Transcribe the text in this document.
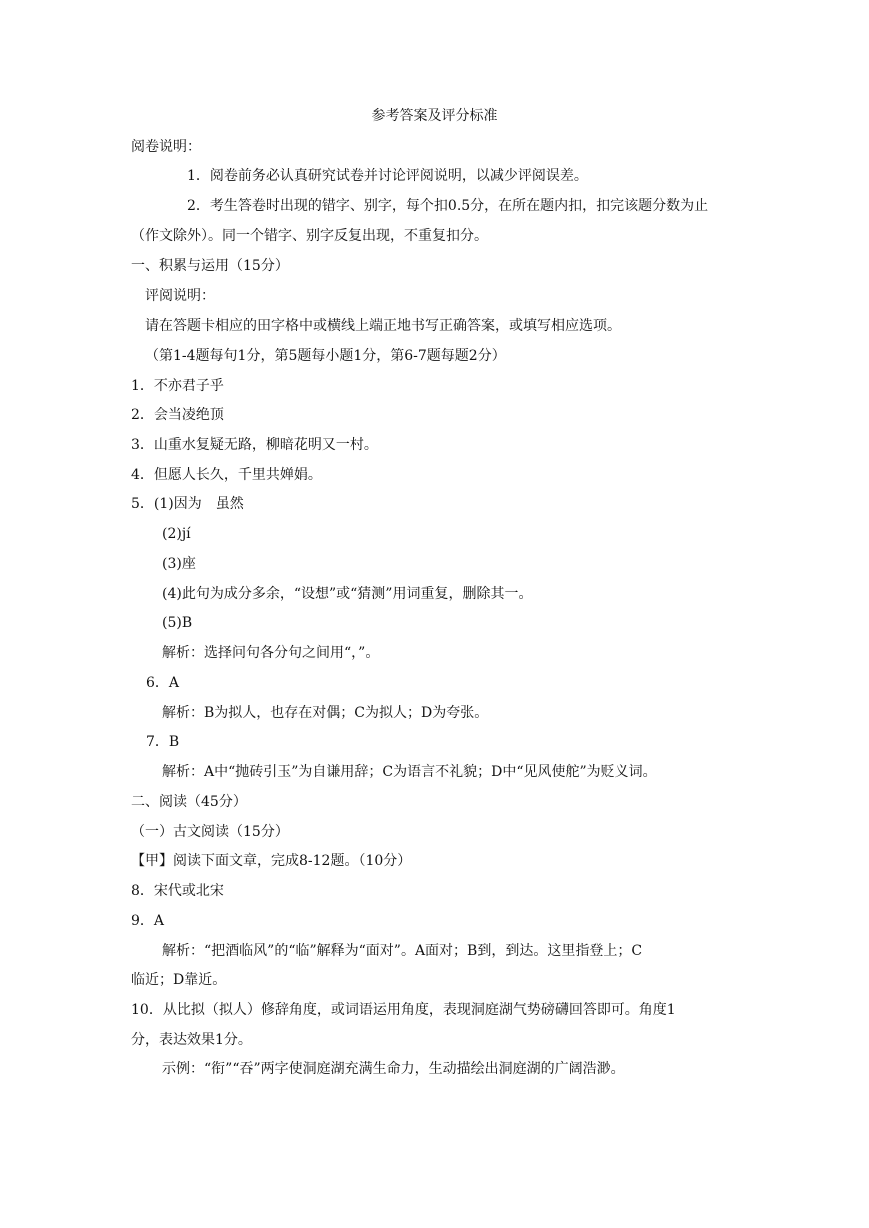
参考答案及评分标准
阅卷说明：
1．阅卷前务必认真研究试卷并讨论评阅说明，以减少评阅误差。
2．考生答卷时出现的错字、别字，每个扣0.5分，在所在题内扣，扣完该题分数为止
（作文除外）。同一个错字、别字反复出现，不重复扣分。
一、积累与运用（15分）
评阅说明：
请在答题卡相应的田字格中或横线上端正地书写正确答案，或填写相应选项。
（第1-4题每句1分，第5题每小题1分，第6-7题每题2分）
1．不亦君子乎
2．会当凌绝顶
3．山重水复疑无路，柳暗花明又一村。
4．但愿人长久，千里共婵娟。
5．(1)因为　虽然
(2)jí
(3)座
(4)此句为成分多余，“设想”或“猜测”用词重复，删除其一。
(5)B
解析：选择问句各分句之间用“，”。
6．A
解析：B为拟人，也存在对偶；C为拟人；D为夸张。
7．B
解析：A中“抛砖引玉”为自谦用辞；C为语言不礼貌；D中“见风使舵”为贬义词。
二、阅读（45分）
（一）古文阅读（15分）
【甲】阅读下面文章，完成8-12题。（10分）
8．宋代或北宋
9．A
解析：“把酒临风”的“临”解释为“面对”。A面对；B到，到达。这里指登上；C
临近；D靠近。
10．从比拟（拟人）修辞角度，或词语运用角度，表现洞庭湖气势磅礴回答即可。角度1
分，表达效果1分。
示例：“衔”“吞”两字使洞庭湖充满生命力，生动描绘出洞庭湖的广阔浩渺。
